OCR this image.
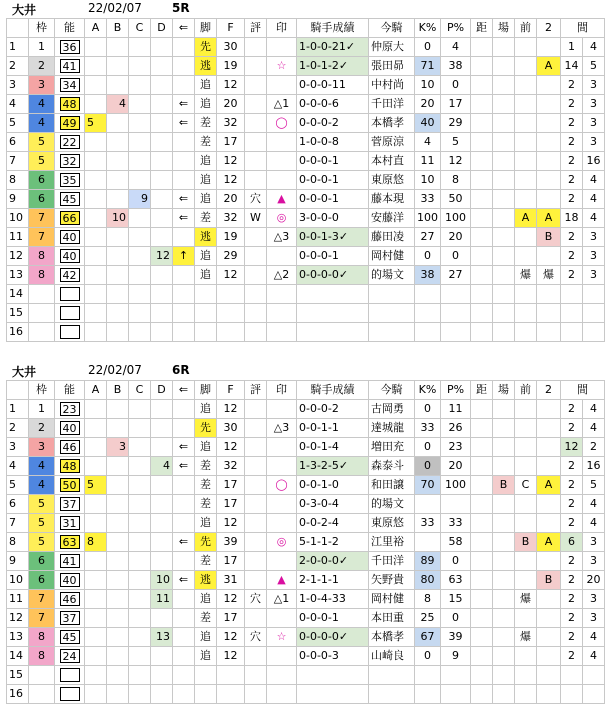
大井	22/02/07	5R
	枠	能	A	B	C	D	⇐	脚	F	評	印	騎手成績	今騎	K%	P%	距	場	前	2	間	
1	1	36						先	30			1-0-0-21✓	仲原大	0	4					1	4
2	2	41						逃	19		☆	1-0-1-2✓	張田昴	71	38				A	14	5
3	3	34						追	12			0-0-0-11	中村尚	10	0					2	3
4	4	48		4			⇐	追	20		△1	0-0-0-6	千田洋	20	17					2	3
5	4	49	5				⇐	差	32		◯	0-0-0-2	本橋孝	40	29					2	3
6	5	22						差	17			1-0-0-8	菅原涼	4	5					2	3
7	5	32						追	12			0-0-0-1	本村直	11	12					2	16
8	6	35						追	12			0-0-0-1	東原悠	10	8					2	4
9	6	45			9		⇐	追	20	穴	▲	0-0-0-1	藤本現	33	50					2	4
10	7	66		10			⇐	差	32	W	◎	3-0-0-0	安藤洋	100	100			A	A	18	4
11	7	40						逃	19		△3	0-0-1-3✓	藤田凌	27	20				B	2	3
12	8	40				12	↑	追	29			0-0-0-1	岡村健	0	0					2	3
13	8	42						追	12		△2	0-0-0-0✓	的場文	38	27			爆	爆	2	3
14																					
15																					
16																					
大井	22/02/07	6R
	枠	能	A	B	C	D	⇐	脚	F	評	印	騎手成績	今騎	K%	P%	距	場	前	2	間	
1	1	23						追	12			0-0-0-2	古岡勇	0	11					2	4
2	2	40						先	30		△3	0-0-1-1	達城龍	33	26					2	4
3	3	46		3			⇐	追	12			0-0-1-4	増田充	0	23					12	2
4	4	48				4	⇐	差	32			1-3-2-5✓	森泰斗	0	20					2	16
5	4	50	5					差	17		◯	0-0-1-0	和田譲	70	100		B	C	A	2	5
6	5	37						差	17			0-3-0-4	的場文							2	4
7	5	31						追	12			0-0-2-4	東原悠	33	33					2	4
8	5	63	8				⇐	先	39		◎	5-1-1-2	江里裕		58			B	A	6	3
9	6	41						差	17			2-0-0-0✓	千田洋	89	0					2	3
10	6	40				10	⇐	逃	31		▲	2-1-1-1	矢野貴	80	63				B	2	20
11	7	46				11		追	12	穴	△1	1-0-4-33	岡村健	8	15			爆		2	3
12	7	37						差	17			0-0-0-1	本田重	25	0					2	3
13	8	45				13		追	12	穴	☆	0-0-0-0✓	本橋孝	67	39			爆		2	4
14	8	24						追	12			0-0-0-3	山崎良	0	9					2	4
15																					
16																					
